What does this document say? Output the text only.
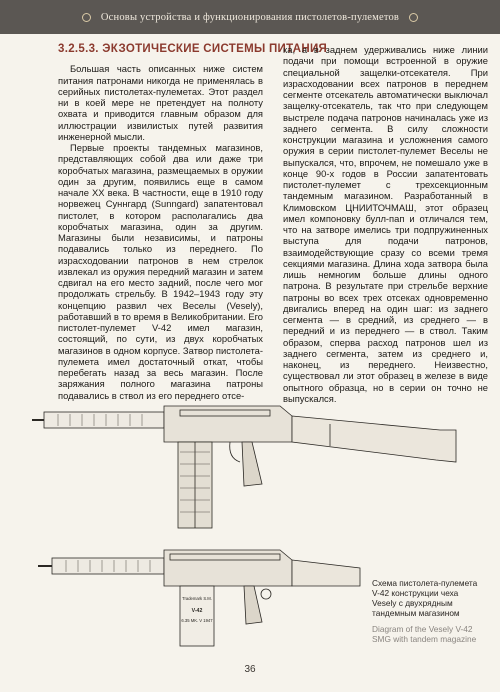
Основы устройства и функционирования пистолетов-пулеметов
3.2.5.3. ЭКЗОТИЧЕСКИЕ СИСТЕМЫ ПИТАНИЯ

Большая часть описанных ниже систем питания патронами никогда не применялась в серийных пистолетах-пулеметах. Этот раздел ни в коей мере не претендует на полноту охвата и приводится главным образом для иллюстрации извилистых путей развития инженерной мысли.

Первые проекты тандемных магазинов, представляющих собой два или даже три коробчатых магазина, размещаемых в оружии один за другим, появились еще в самом начале XX века. В частности, еще в 1910 году норвежец Суннгард (Sunngard) запатентовал пистолет, в котором располагались два коробчатых магазина, один за другим. Магазины были независимы, и патроны подавались только из переднего. По израсходовании патронов в нем стрелок извлекал из оружия передний магазин и затем сдвигал на его место задний, после чего мог продолжать стрельбу. В 1942–1943 году эту концепцию развил чех Веселы (Vesely), работавший в то время в Великобритании. Его пистолет-пулемет V-42 имел магазин, состоящий, по сути, из двух коробчатых магазинов в одном корпусе. Затвор пистолета-пулемета имел достаточный откат, чтобы перебегать назад за весь магазин. После заряжания полного магазина патроны подавались в ствол из его переднего отсе-

ка, а в заднем удерживались ниже линии подачи при помощи встроенной в оружие специальной защелки-отсекателя. При израсходовании всех патронов в переднем сегменте отсекатель автоматически выключал защелку-отсекатель, так что при следующем выстреле подача патронов начиналась уже из заднего сегмента. В силу сложности конструкции магазина и усложнения самого оружия в серии пистолет-пулемет Веселы не выпускался, что, впрочем, не помешало уже в конце 90-х годов в России запатентовать пистолет-пулемет с трехсекционным тандемным магазином. Разработанный в Климовском ЦНИИТОЧМАШ, этот образец имел компоновку булл-пап и отличался тем, что на затворе имелись три подпружиненных выступа для подачи патронов, взаимодействующие сразу со всеми тремя секциями магазина. Длина хода затвора была лишь немногим больше длины одного патрона. В результате при стрельбе верхние патроны во всех трех отсеках одновременно двигались вперед на один шаг: из заднего сегмента — в средний, из среднего — в передний и из переднего — в ствол. Таким образом, сперва расход патронов шел из заднего сегмента, затем из среднего и, наконец, из переднего. Неизвестно, существовал ли этот образец в железе в виде опытного образца, но в серии он точно не выпускался.

Trademark S.M.
V-42
6.35 MK. V 1947
Схема пистолета-пулемета V-42 конструкции чеха Vesely с двухрядным тандемным магазином
Diagram of the Vesely V-42 SMG with tandem magazine
36
